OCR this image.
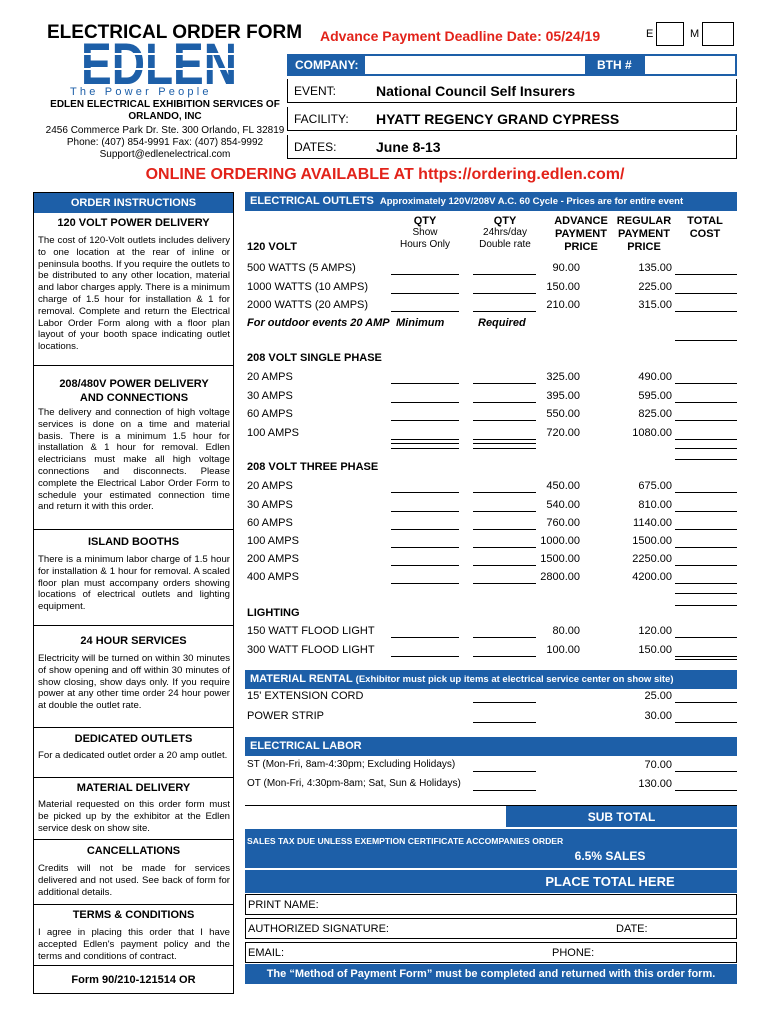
ELECTRICAL ORDER FORM
EDLEN
The Power People
EDLEN ELECTRICAL EXHIBITION SERVICES OF
ORLANDO, INC
2456 Commerce Park Dr. Ste. 300 Orlando, FL 32819
Phone: (407) 854-9991 Fax: (407) 854-9992
Support@edlenelectrical.com
Advance Payment Deadline Date: 05/24/19	E	M
COMPANY:	BTH #
EVENT:	National Council Self Insurers
FACILITY: HYATT REGENCY GRAND CYPRESS
DATES:	June 8-13
ONLINE ORDERING AVAILABLE AT https://ordering.edlen.com/
ORDER INSTRUCTIONS
120 VOLT POWER DELIVERY
The cost of 120-Volt outlets includes delivery to one location at the rear of inline or peninsula booths. If you require the outlets to be distributed to any other location, material and labor charges apply. There is a minimum charge of 1.5 hour for installation & 1 for removal. Complete and return the Electrical Labor Order Form along with a floor plan layout of your booth space indicating outlet locations.
208/480V POWER DELIVERY AND CONNECTIONS
The delivery and connection of high voltage services is done on a time and material basis. There is a minimum 1.5 hour for installation & 1 hour for removal. Edlen electricians must make all high voltage connections and disconnects. Please complete the Electrical Labor Order Form to schedule your estimated connection time and return it with this order.
ISLAND BOOTHS
There is a minimum labor charge of 1.5 hour for installation & 1 hour for removal. A scaled floor plan must accompany orders showing locations of electrical outlets and lighting equipment.
24 HOUR SERVICES
Electricity will be turned on within 30 minutes of show opening and off within 30 minutes of show closing, show days only. If you require power at any other time order 24 hour power at double the outlet rate.
DEDICATED OUTLETS
For a dedicated outlet order a 20 amp outlet.
MATERIAL DELIVERY
Material requested on this order form must be picked up by the exhibitor at the Edlen service desk on show site.
CANCELLATIONS
Credits will not be made for services delivered and not used. See back of form for additional details.
TERMS & CONDITIONS
I agree in placing this order that I have accepted Edlen's payment policy and the terms and conditions of contract.
Form 90/210-121514 OR
ELECTRICAL OUTLETS Approximately 120V/208V A.C. 60 Cycle - Prices are for entire event
QTY
Show
Hours Only
QTY
24hrs/day
Double rate
ADVANCE
PAYMENT
PRICE
REGULAR
PAYMENT
PRICE
TOTAL
COST
120 VOLT
208 VOLT SINGLE PHASE
208 VOLT THREE PHASE
LIGHTING
For outdoor events 20 AMP Minimum	Required
500 WATTS (5 AMPS)	90.00	135.00
1000 WATTS (10 AMPS)	150.00	225.00
2000 WATTS (20 AMPS)	210.00	315.00
20 AMPS	325.00	490.00
30 AMPS	395.00	595.00
60 AMPS	550.00	825.00
100 AMPS	720.00	1080.00
20 AMPS	450.00	675.00
30 AMPS	540.00	810.00
60 AMPS	760.00	1140.00
100 AMPS	1000.00	1500.00
200 AMPS	1500.00	2250.00
400 AMPS	2800.00	4200.00
150 WATT FLOOD LIGHT	80.00	120.00
300 WATT FLOOD LIGHT	100.00	150.00
MATERIAL RENTAL (Exhibitor must pick up items at electrical service center on show site)
15' EXTENSION CORD	25.00
POWER STRIP	30.00
ELECTRICAL LABOR
ST (Mon-Fri, 8am-4:30pm; Excluding Holidays)	70.00
OT (Mon-Fri, 4:30pm-8am; Sat, Sun & Holidays)	130.00
SUB TOTAL
SALES TAX DUE UNLESS EXEMPTION CERTIFICATE ACCOMPANIES ORDER
6.5% SALES
PLACE TOTAL HERE
PRINT NAME:
AUTHORIZED SIGNATURE:	DATE:
EMAIL:	PHONE:
The “Method of Payment Form” must be completed and returned with this order form.
